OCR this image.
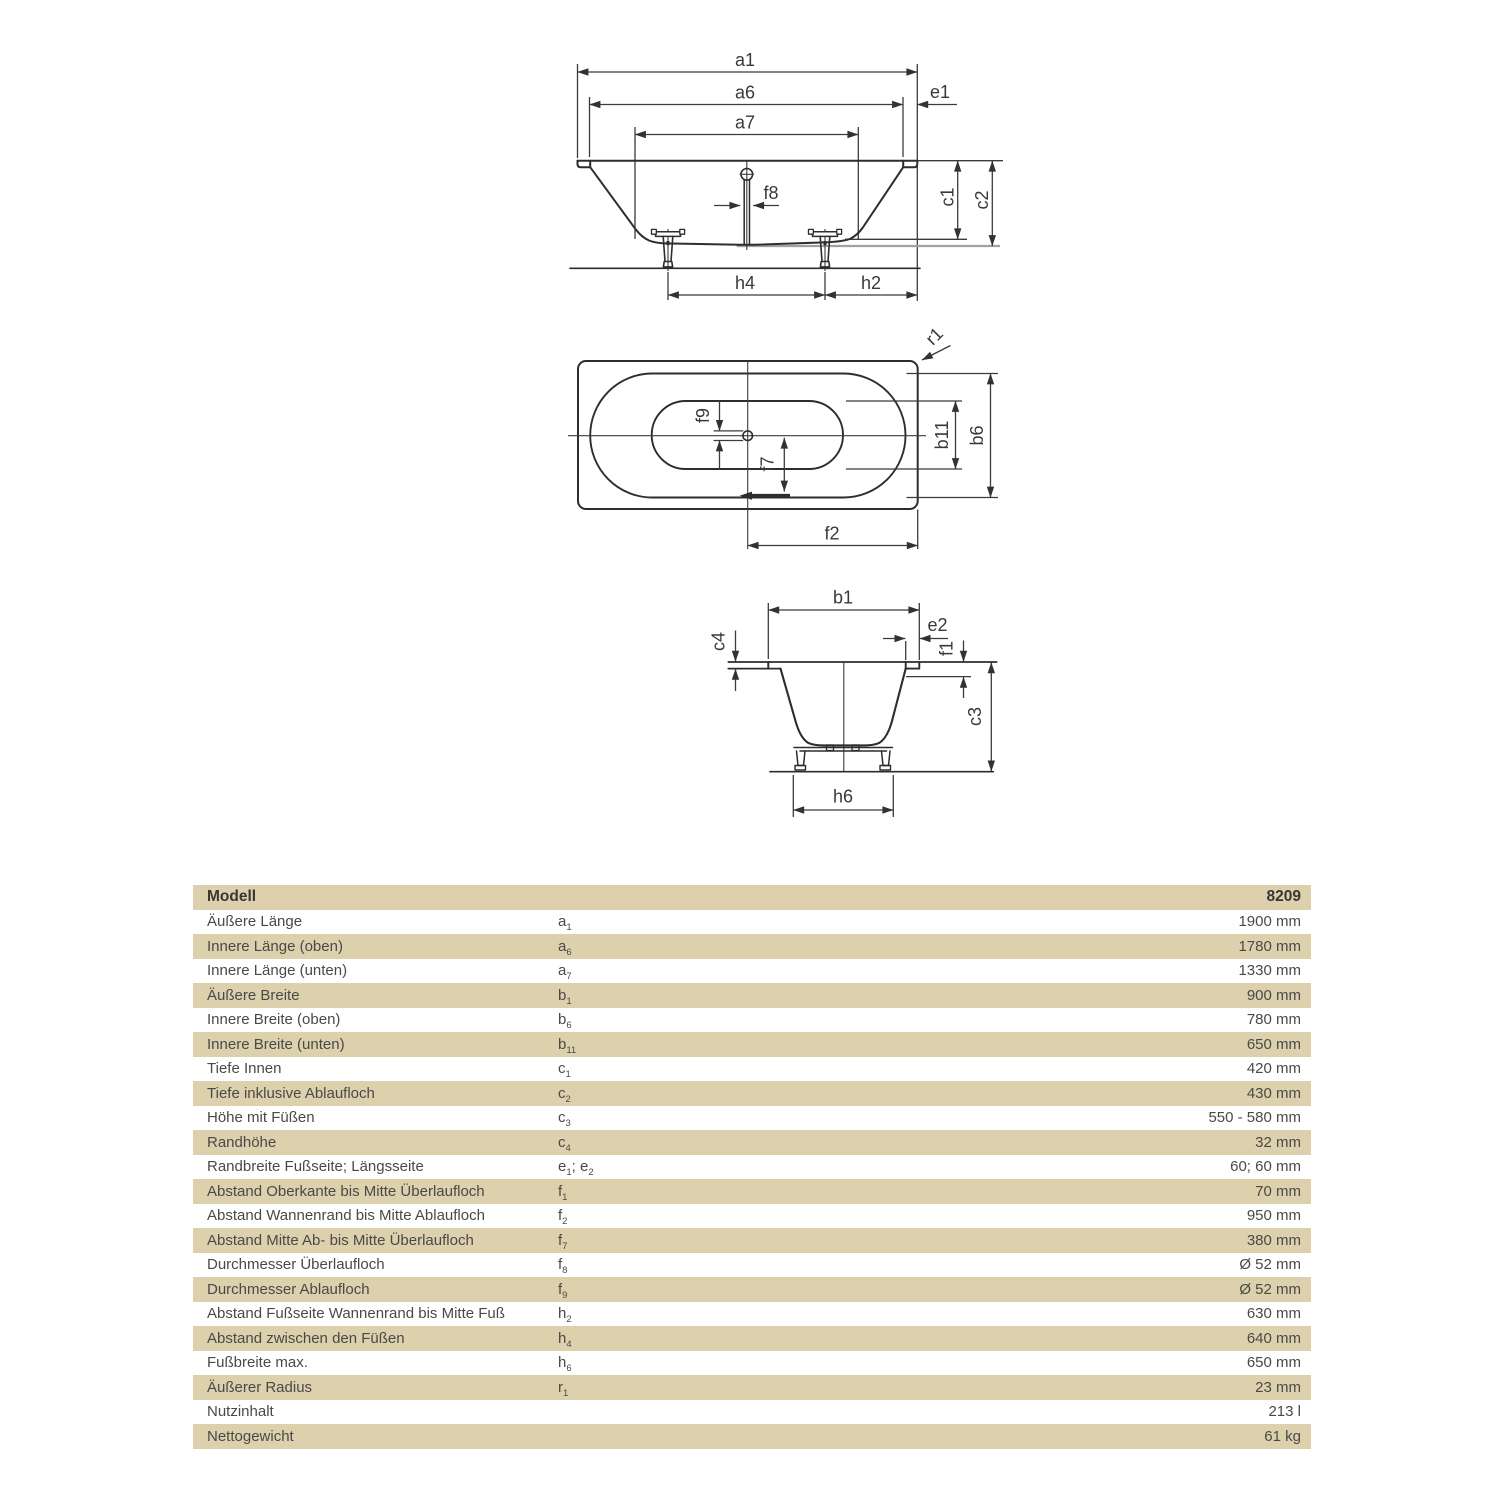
a1
a6	e1
a7
f8	c1 c2
h4	h2
r1
f9
f7
b11 b6
f2
b1
e2
c4	f1
c3
h6
Modell	8209
Äußere Länge	$a_1$	1900 mm
Innere Länge (oben)	$a_6$	1780 mm
Innere Länge (unten)	$a_7$	1330 mm
Äußere Breite	$b_1$	900 mm
Innere Breite (oben)	$b_6$	780 mm
Innere Breite (unten)	$b_{11}$	650 mm
Tiefe Innen	$c_1$	420 mm
Tiefe inklusive Ablaufloch	$c_2$	430 mm
Höhe mit Füßen	$c_3$	550 - 580 mm
Randhöhe	$c_4$	32 mm
Randbreite Fußseite; Längsseite	$e_1$; $e_2$	60; 60 mm
Abstand Oberkante bis Mitte Überlaufloch	$f_1$	70 mm
Abstand Wannenrand bis Mitte Ablaufloch	$f_2$	950 mm
Abstand Mitte Ab- bis Mitte Überlaufloch	$f_7$	380 mm
Durchmesser Überlaufloch	$f_8$	Ø 52 mm
Durchmesser Ablaufloch	$f_9$	Ø 52 mm
Abstand Fußseite Wannenrand bis Mitte Fuß	$h_2$	630 mm
Abstand zwischen den Füßen	$h_4$	640 mm
Fußbreite max.	$h_6$	650 mm
Äußerer Radius	$r_1$	23 mm
Nutzinhalt	213 l
Nettogewicht	61 kg
